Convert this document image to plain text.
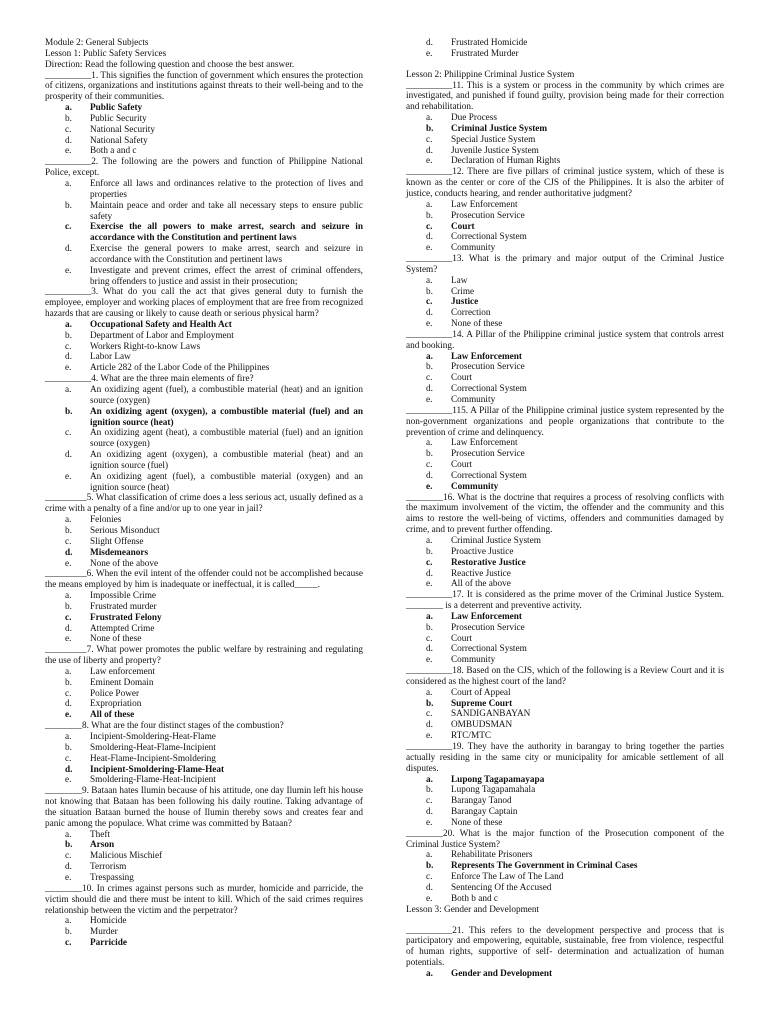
Module 2: General Subjects
Lesson 1: Public Safety Services
Direction: Read the following question and choose the best answer.
__________1. This signifies the function of government which ensures the protection of citizens, organizations and institutions against threats to their well-being and to the prosperity of their communities.
a.	Public Safety
b.	Public Security
c.	National Security
d.	National Safety
e.	Both a and c
__________2. The following are the powers and function of Philippine National Police, except.
a.	Enforce all laws and ordinances relative to the protection of lives and properties
b.	Maintain peace and order and take all necessary steps to ensure public safety
c.	Exercise the all powers to make arrest, search and seizure in accordance with the Constitution and pertinent laws
d.	Exercise the general powers to make arrest, search and seizure in accordance with the Constitution and pertinent laws
e.	Investigate and prevent crimes, effect the arrest of criminal offenders, bring offenders to justice and assist in their prosecution;
__________3. What do you call the act that gives general duty to furnish the employee, employer and working places of employment that are free from recognized hazards that are causing or likely to cause death or serious physical harm?
a.	Occupational Safety and Health Act
b.	Department of Labor and Employment
c.	Workers Right-to-know Laws
d.	Labor Law
e.	Article 282 of the Labor Code of the Philippines
__________4. What are the three main elements of fire?
a.	An oxidizing agent (fuel), a combustible material (heat) and an ignition source (oxygen)
b.	An oxidizing agent (oxygen), a combustible material (fuel) and an ignition source (heat)
c.	An oxidizing agent (heat), a combustible material (fuel) and an ignition source (oxygen)
d.	An oxidizing agent (oxygen), a combustible material (heat) and an ignition source (fuel)
e.	An oxidizing agent (fuel), a combustible material (oxygen) and an ignition source (heat)
_________5. What classification of crime does a less serious act, usually defined as a crime with a penalty of a fine and/or up to one year in jail?
a.	Felonies
b.	Serious Misonduct
c.	Slight Offense
d.	Misdemeanors
e.	None of the above
_________6. When the evil intent of the offender could not be accomplished because the means employed by him is inadequate or ineffectual, it is called_____.
a.	Impossible Crime
b.	Frustrated murder
c.	Frustrated Felony
d.	Attempted Crime
e.	None of these
_________7. What power promotes the public welfare by restraining and regulating the use of liberty and property?
a.	Law enforcement
b.	Eminent Domain
c.	Police Power
d.	Expropriation
e.	All of these
________8. What are the four distinct stages of the combustion?
a.	Incipient-Smoldering-Heat-Flame
b.	Smoldering-Heat-Flame-Incipient
c.	Heat-Flame-Incipient-Smoldering
d.	Incipient-Smoldering-Flame-Heat
e.	Smoldering-Flame-Heat-Incipient
________9. Bataan hates Ilumin because of his attitude, one day Ilumin left his house not knowing that Bataan has been following his daily routine. Taking advantage of the situation Bataan burned the house of Ilumin thereby sows and creates fear and panic among the populace. What crime was committed by Bataan?
a.	Theft
b.	Arson
c.	Malicious Mischief
d.	Terrorism
e.	Trespassing
________10. In crimes against persons such as murder, homicide and parricide, the victim should die and there must be intent to kill. Which of the said crimes requires relationship between the victim and the perpetrator?
a.	Homicide
b.	Murder
c.	Parricide
d.	Frustrated Homicide
e.	Frustrated Murder
Lesson 2: Philippine Criminal Justice System
__________11. This is a system or process in the community by which crimes are investigated, and punished if found guilty, provision being made for their correction and rehabilitation.
a.	Due Process
b.	Criminal Justice System
c.	Special Justice System
d.	Juvenile Justice System
e.	Declaration of Human Rights
__________12. There are five pillars of criminal justice system, which of these is known as the center or core of the CJS of the Philippines. It is also the arbiter of justice, conducts hearing, and render authoritative judgment?
a.	Law Enforcement
b.	Prosecution Service
c.	Court
d.	Correctional System
e.	Community
__________13. What is the primary and major output of the Criminal Justice System?
a.	Law
b.	Crime
c.	Justice
d.	Correction
e.	None of these
__________14. A Pillar of the Philippine criminal justice system that controls arrest and booking.
a.	Law Enforcement
b.	Prosecution Service
c.	Court
d.	Correctional System
e.	Community
__________115. A Pillar of the Philippine criminal justice system represented by the non-government organizations and people organizations that contribute to the prevention of crime and delinquency.
a.	Law Enforcement
b.	Prosecution Service
c.	Court
d.	Correctional System
e.	Community
________16. What is the doctrine that requires a process of resolving conflicts with the maximum involvement of the victim, the offender and the community and this aims to restore the well-being of victims, offenders and communities damaged by crime, and to prevent further offending.
a.	Criminal Justice System
b.	Proactive Justice
c.	Restorative Justice
d.	Reactive Justice
e.	All of the above
__________17. It is considered as the prime mover of the Criminal Justice System. ________ is a deterrent and preventive activity.
a.	Law Enforcement
b.	Prosecution Service
c.	Court
d.	Correctional System
e.	Community
__________18. Based on the CJS, which of the following is a Review Court and it is considered as the highest court of the land?
a.	Court of Appeal
b.	Supreme Court
c.	SANDIGANBAYAN
d.	OMBUDSMAN
e.	RTC/MTC
__________19. They have the authority in barangay to bring together the parties actually residing in the same city or municipality for amicable settlement of all disputes.
a.	Lupong Tagapamayapa
b.	Lupong Tagapamahala
c.	Barangay Tanod
d.	Barangay Captain
e.	None of these
________20. What is the major function of the Prosecution component of the Criminal Justice System?
a.	Rehabilitate Prisoners
b.	Represents The Government in Criminal Cases
c.	Enforce The Law of The Land
d.	Sentencing Of the Accused
e.	Both b and c
Lesson 3: Gender and Development
__________21. This refers to the development perspective and process that is participatory and empowering, equitable, sustainable, free from violence, respectful of human rights, supportive of self- determination and actualization of human potentials.
a.	Gender and Development
